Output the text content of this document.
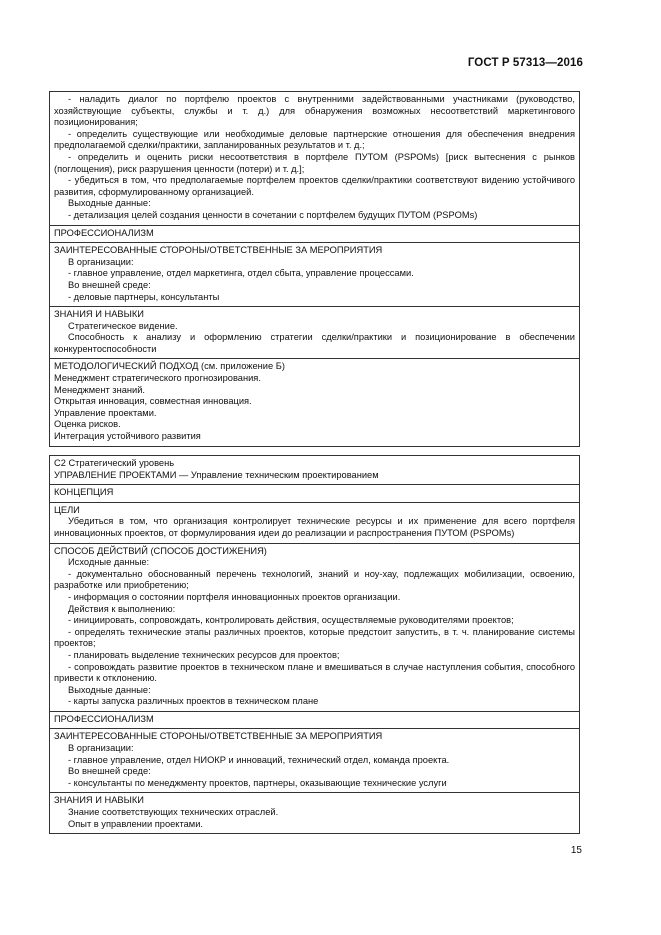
ГОСТ Р 57313—2016
- наладить диалог по портфелю проектов с внутренними задействованными участниками (руководство, хозяйствующие субъекты, службы и т. д.) для обнаружения возможных несоответствий маркетингового позиционирования;
- определить существующие или необходимые деловые партнерские отношения для обеспечения внедрения предполагаемой сделки/практики, запланированных результатов и т. д.;
- определить и оценить риски несоответствия в портфеле ПУТОМ (PSPOMs) [риск вытеснения с рынков (поглощения), риск разрушения ценности (потери) и т. д.];
- убедиться в том, что предполагаемые портфелем проектов сделки/практики соответствуют видению устойчивого развития, сформулированному организацией.
Выходные данные:
- детализация целей создания ценности в сочетании с портфелем будущих ПУТОМ (PSPOMs)
ПРОФЕССИОНАЛИЗМ
ЗАИНТЕРЕСОВАННЫЕ СТОРОНЫ/ОТВЕТСТВЕННЫЕ ЗА МЕРОПРИЯТИЯ
В организации:
- главное управление, отдел маркетинга, отдел сбыта, управление процессами.
Во внешней среде:
- деловые партнеры, консультанты
ЗНАНИЯ И НАВЫКИ
Стратегическое видение.
Способность к анализу и оформлению стратегии сделки/практики и позиционирование в обеспечении конкурентоспособности
МЕТОДОЛОГИЧЕСКИЙ ПОДХОД (см. приложение Б)
Менеджмент стратегического прогнозирования.
Менеджмент знаний.
Открытая инновация, совместная инновация.
Управление проектами.
Оценка рисков.
Интеграция устойчивого развития
С2 Стратегический уровень
УПРАВЛЕНИЕ ПРОЕКТАМИ — Управление техническим проектированием
КОНЦЕПЦИЯ
ЦЕЛИ
Убедиться в том, что организация контролирует технические ресурсы и их применение для всего портфеля инновационных проектов, от формулирования идеи до реализации и распространения ПУТОМ (PSPOMs)
СПОСОБ ДЕЙСТВИЙ (СПОСОБ ДОСТИЖЕНИЯ)
Исходные данные:
- документально обоснованный перечень технологий, знаний и ноу-хау, подлежащих мобилизации, освоению, разработке или приобретению;
- информация о состоянии портфеля инновационных проектов организации.
Действия к выполнению:
- инициировать, сопровождать, контролировать действия, осуществляемые руководителями проектов;
- определять технические этапы различных проектов, которые предстоит запустить, в т. ч. планирование системы проектов;
- планировать выделение технических ресурсов для проектов;
- сопровождать развитие проектов в техническом плане и вмешиваться в случае наступления события, способного привести к отклонению.
Выходные данные:
- карты запуска различных проектов в техническом плане
ПРОФЕССИОНАЛИЗМ
ЗАИНТЕРЕСОВАННЫЕ СТОРОНЫ/ОТВЕТСТВЕННЫЕ ЗА МЕРОПРИЯТИЯ
В организации:
- главное управление, отдел НИОКР и инноваций, технический отдел, команда проекта.
Во внешней среде:
- консультанты по менеджменту проектов, партнеры, оказывающие технические услуги
ЗНАНИЯ И НАВЫКИ
Знание соответствующих технических отраслей.
Опыт в управлении проектами.
15
